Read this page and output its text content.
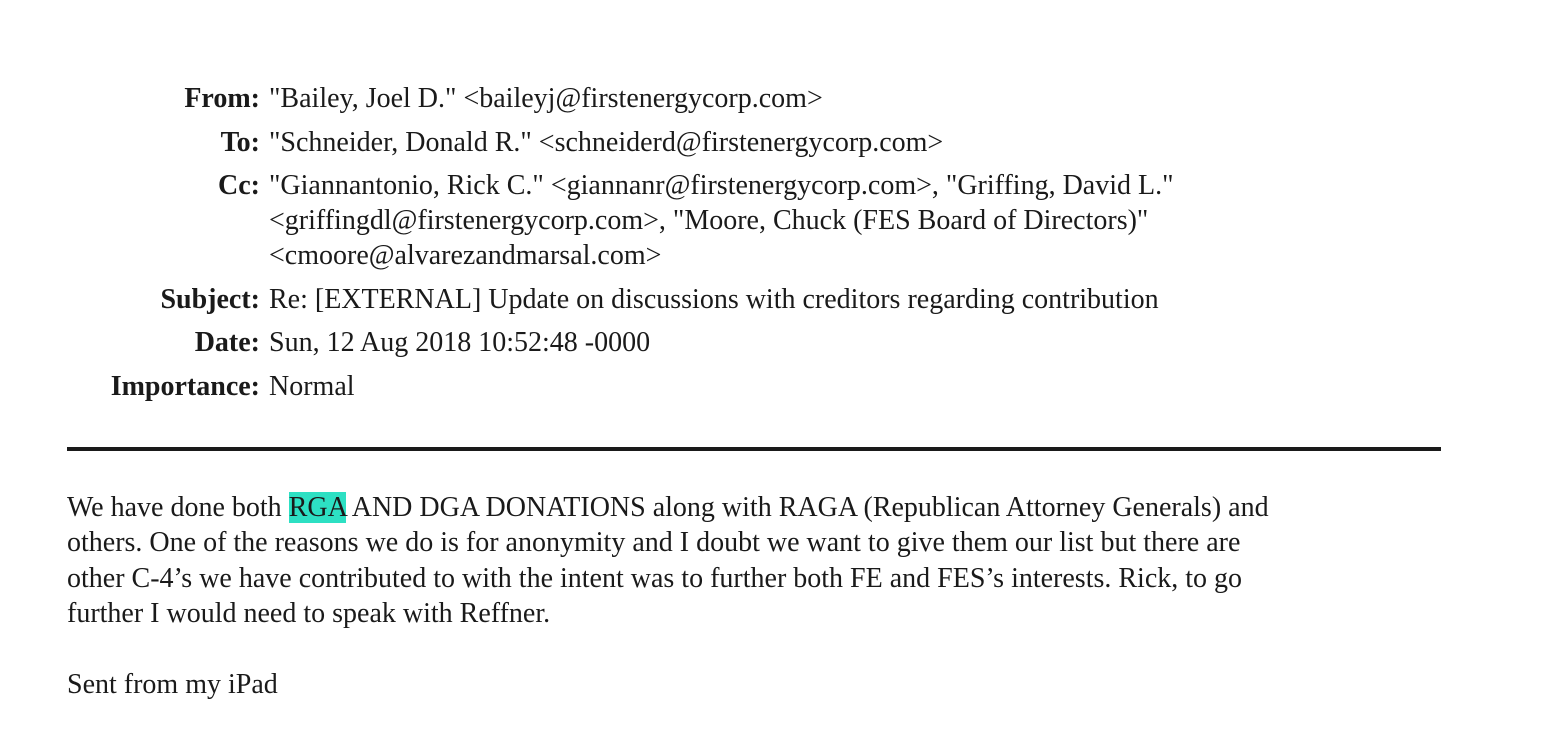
From: "Bailey, Joel D." <baileyj@firstenergycorp.com>
To: "Schneider, Donald R." <schneiderd@firstenergycorp.com>
Cc: "Giannantonio, Rick C." <giannanr@firstenergycorp.com>, "Griffing, David L."
<griffingdl@firstenergycorp.com>, "Moore, Chuck (FES Board of Directors)"
<cmoore@alvarezandmarsal.com>
Subject: Re: [EXTERNAL] Update on discussions with creditors regarding contribution
Date: Sun, 12 Aug 2018 10:52:48 -0000
Importance: Normal
We have done both RGA AND DGA DONATIONS along with RAGA (Republican Attorney Generals) and
others. One of the reasons we do is for anonymity and I doubt we want to give them our list but there are
other C-4’s we have contributed to with the intent was to further both FE and FES’s interests. Rick, to go
further I would need to speak with Reffner.
Sent from my iPad
